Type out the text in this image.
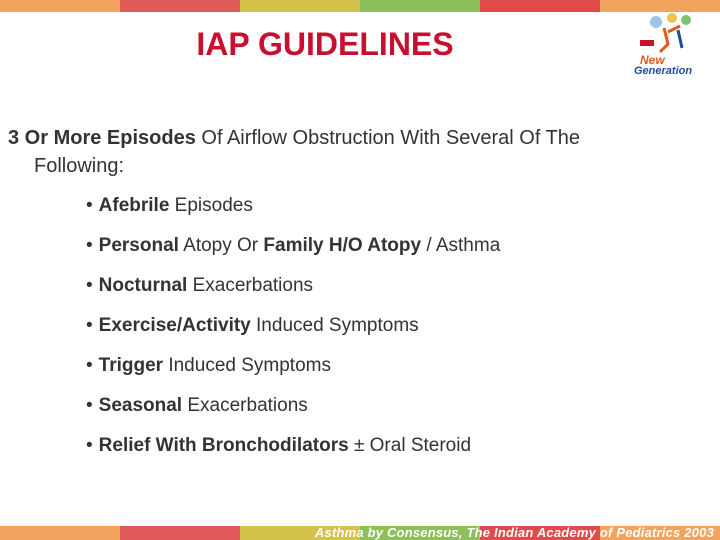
IAP GUIDELINES	New
Generation

3 Or More Episodes Of Airflow Obstruction With Several Of The
Following:

• Afebrile Episodes
• Personal Atopy Or Family H/O Atopy / Asthma
• Nocturnal Exacerbations
• Exercise/Activity Induced Symptoms
• Trigger Induced Symptoms
• Seasonal Exacerbations
• Relief With Bronchodilators ± Oral Steroid
Asthma by Consensus, The Indian Academy of Pediatrics 2003
